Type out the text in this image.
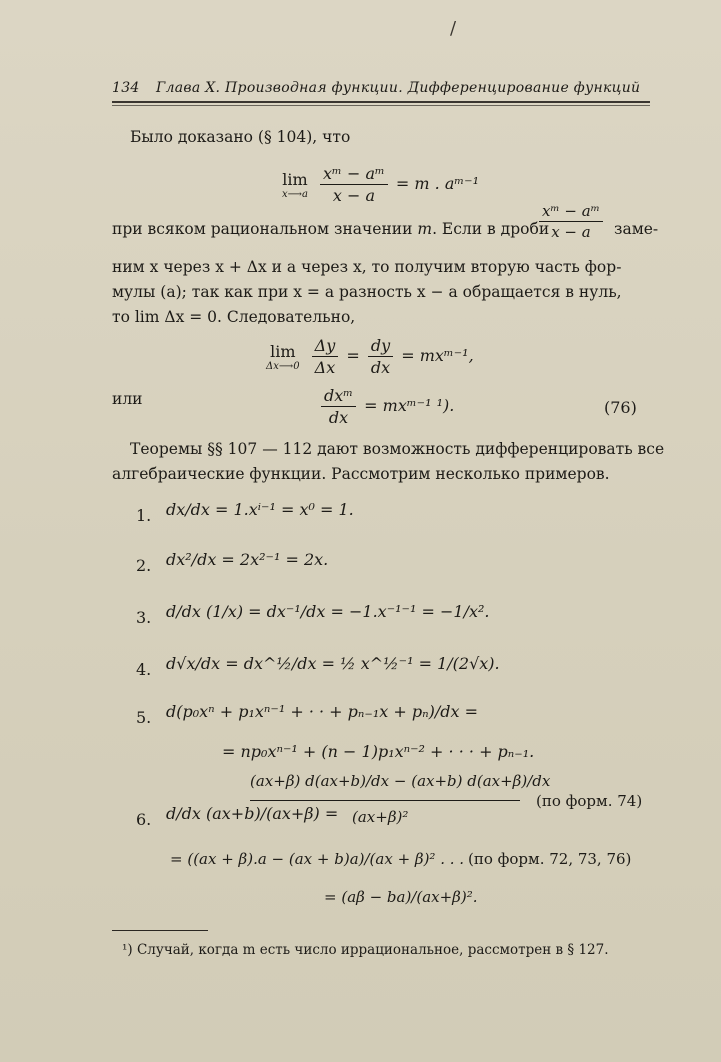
/
134 Глава X. Производная функции. Дифференцирование функций
Было доказано (§ 104), что
lim
x⟶a
$\frac{\text{xᵐ − aᵐ}}{x - a} = m$ . aᵐ⁻¹
при всяком рациональном значении m. Если в дроби
$\frac{\text{xᵐ − aᵐ}}{x - a}$ заме-
ним x через x + Δx и a через x, то получим вторую часть фор-
мулы (a); так как при x = a разность x − a обращается в нуль,
то lim Δx = 0. Следовательно,
lim
Δx⟶0
$\frac{\Delta y}{\Delta x} = \frac{dy}{dx}$ = mxᵐ⁻¹,
или	$\frac{\text{dxᵐ}}{dx}$ = mxᵐ⁻¹ ¹).	(76)
Теоремы §§ 107 — 112 дают возможность дифференцировать все
алгебраические функции. Рассмотрим несколько примеров.
1. dx/dx = 1.xⁱ⁻¹ = x⁰ = 1.
2. dx²/dx = 2x²⁻¹ = 2x.
3. d/dx (1/x) = dx⁻¹/dx = −1.x⁻¹⁻¹ = −1/x².
4. d√x/dx = dx^½/dx = ½ x^½⁻¹ = 1/(2√x).
5. d(p₀xⁿ + p₁xⁿ⁻¹ + · · + pₙ₋₁x + pₙ)/dx =
= np₀xⁿ⁻¹ + (n − 1)p₁xⁿ⁻² + · · · + pₙ₋₁.
6. d/dx (ax+b)/(ax+β) =
(ax+β) d(ax+b)/dx − (ax+b) d(ax+β)/dx
(ax+β)²
(по форм. 74)
= ((ax + β).a − (ax + b)a)/(ax + β)² . . . (по форм. 72, 73, 76)
= (aβ − ba)/(ax+β)².
¹) Случай, когда m есть число иррациональное, рассмотрен в § 127.
